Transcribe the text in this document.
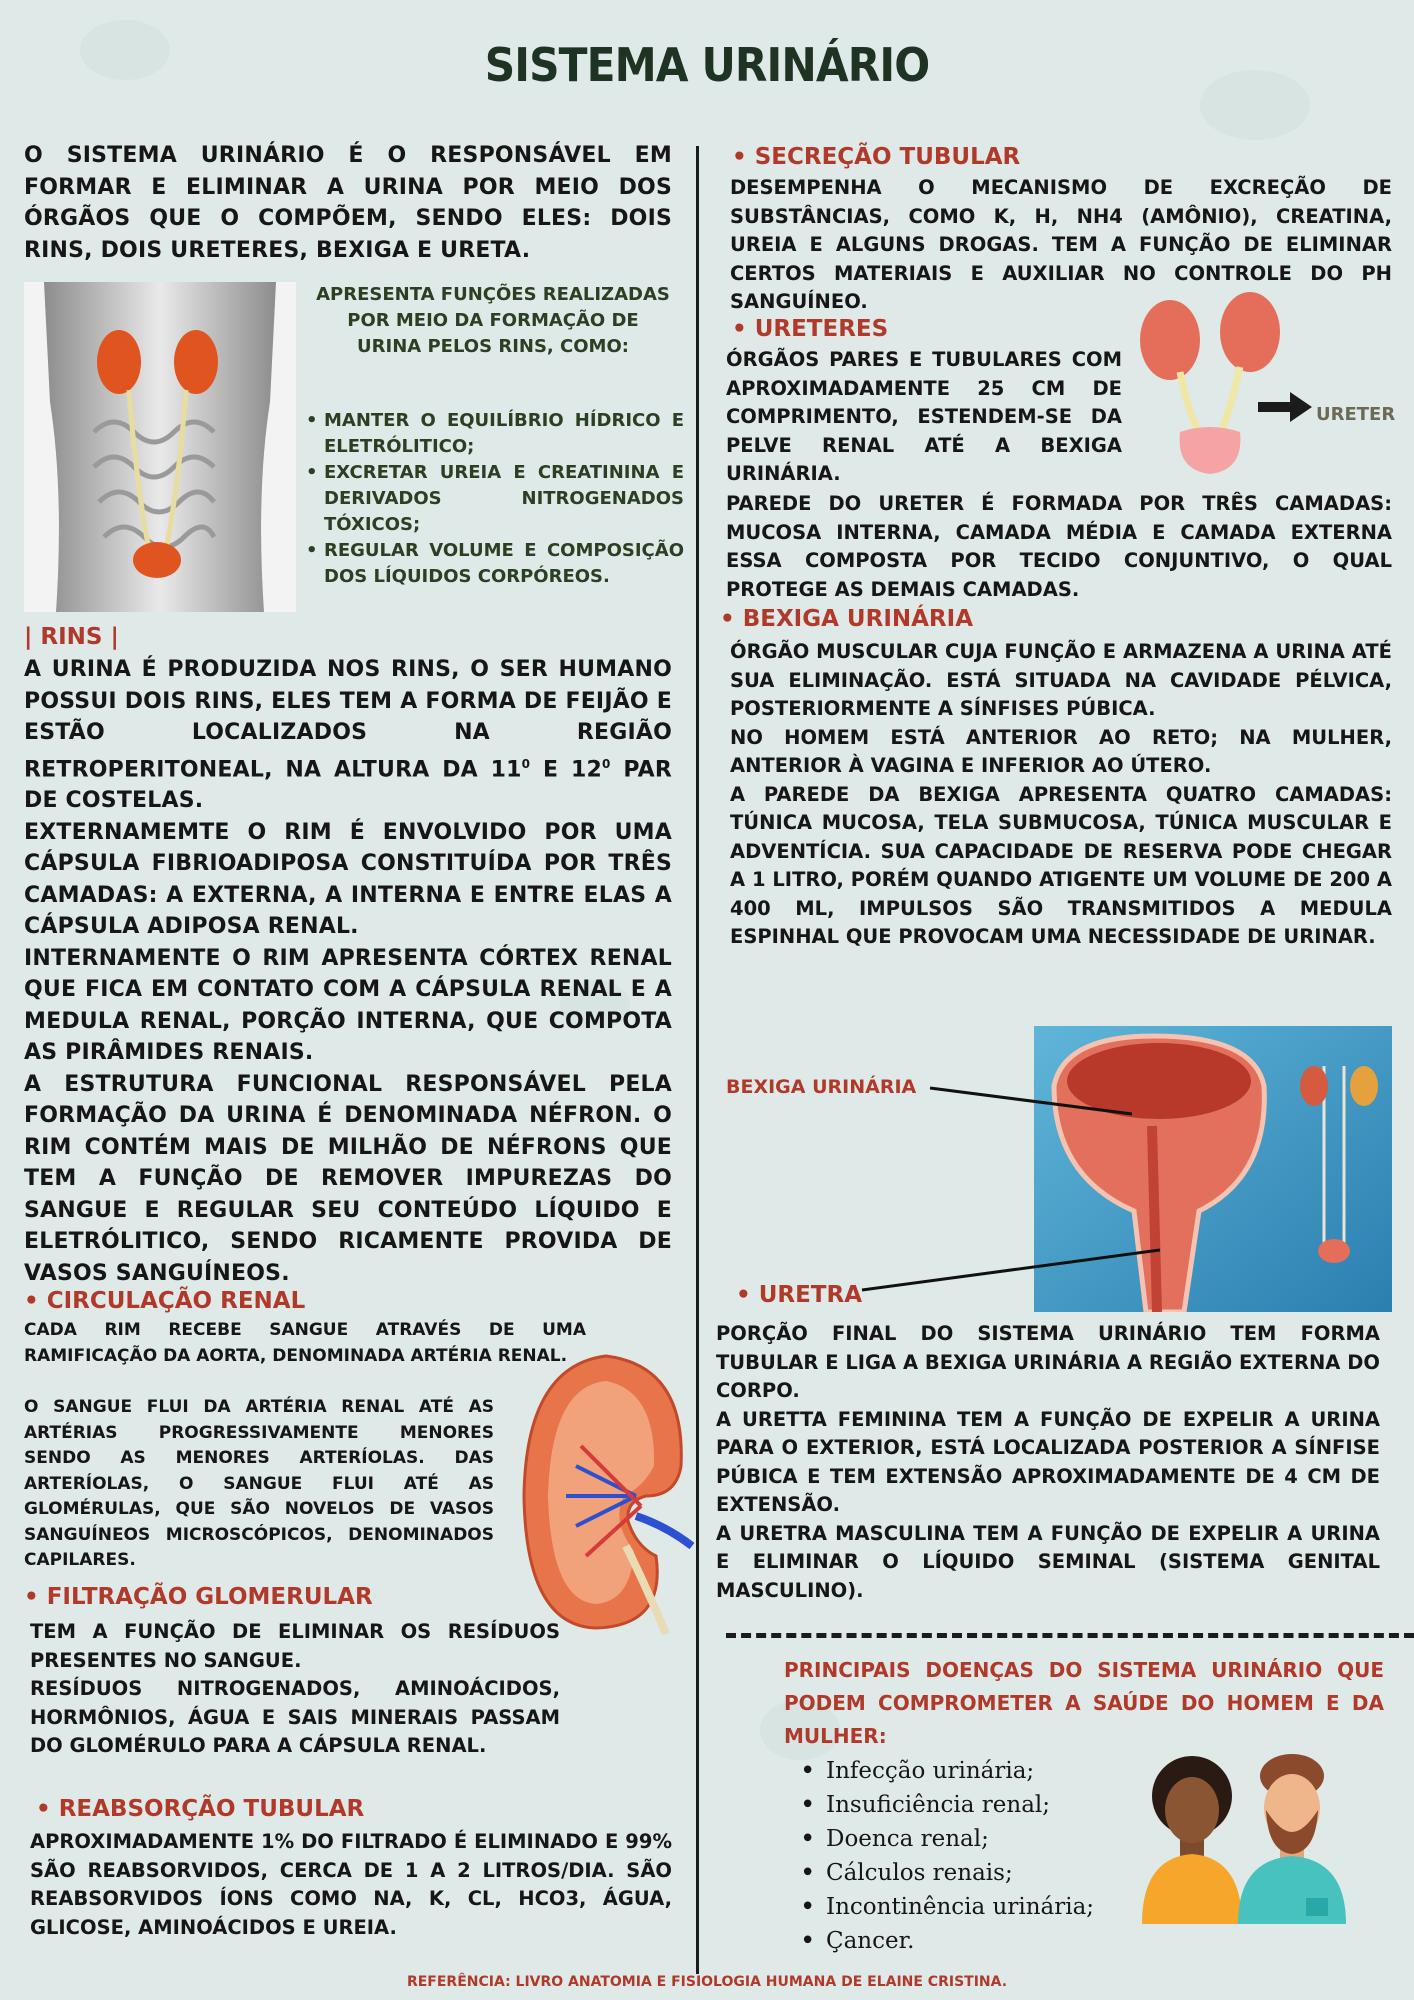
SISTEMA URINÁRIO
O SISTEMA URINÁRIO É O RESPONSÁVEL EM FORMAR E ELIMINAR A URINA POR MEIO DOS ÓRGÃOS QUE O COMPÕEM, SENDO ELES: DOIS RINS, DOIS URETERES, BEXIGA E URETA.
APRESENTA FUNÇÕES REALIZADAS POR MEIO DA FORMAÇÃO DE URINA PELOS RINS, COMO:
• MANTER O EQUILÍBRIO HÍDRICO E ELETRÓLITICO;
• EXCRETAR UREIA E CREATININA E DERIVADOS NITROGENADOS TÓXICOS;
• REGULAR VOLUME E COMPOSIÇÃO DOS LÍQUIDOS CORPÓREOS.
| RINS |
A URINA É PRODUZIDA NOS RINS, O SER HUMANO POSSUI DOIS RINS, ELES TEM A FORMA DE FEIJÃO E ESTÃO LOCALIZADOS NA REGIÃO RETROPERITONEAL, NA ALTURA DA $11^0$ E $12^0$ PAR DE COSTELAS.
EXTERNAMEMTE O RIM É ENVOLVIDO POR UMA CÁPSULA FIBRIOADIPOSA CONSTITUÍDA POR TRÊS CAMADAS: A EXTERNA, A INTERNA E ENTRE ELAS A CÁPSULA ADIPOSA RENAL.
INTERNAMENTE O RIM APRESENTA CÓRTEX RENAL QUE FICA EM CONTATO COM A CÁPSULA RENAL E A MEDULA RENAL, PORÇÃO INTERNA, QUE COMPOTA AS PIRÂMIDES RENAIS.
A ESTRUTURA FUNCIONAL RESPONSÁVEL PELA FORMAÇÃO DA URINA É DENOMINADA NÉFRON. O RIM CONTÉM MAIS DE MILHÃO DE NÉFRONS QUE TEM A FUNÇÃO DE REMOVER IMPUREZAS DO SANGUE E REGULAR SEU CONTEÚDO LÍQUIDO E ELETRÓLITICO, SENDO RICAMENTE PROVIDA DE VASOS SANGUÍNEOS.
• CIRCULAÇÃO RENAL
CADA RIM RECEBE SANGUE ATRAVÉS DE UMA RAMIFICAÇÃO DA AORTA, DENOMINADA ARTÉRIA RENAL.
O SANGUE FLUI DA ARTÉRIA RENAL ATÉ AS ARTÉRIAS PROGRESSIVAMENTE MENORES SENDO AS MENORES ARTERÍOLAS. DAS ARTERÍOLAS, O SANGUE FLUI ATÉ AS GLOMÉRULAS, QUE SÃO NOVELOS DE VASOS SANGUÍNEOS MICROSCÓPICOS, DENOMINADOS CAPILARES.
• FILTRAÇÃO GLOMERULAR
TEM A FUNÇÃO DE ELIMINAR OS RESÍDUOS PRESENTES NO SANGUE.
RESÍDUOS NITROGENADOS, AMINOÁCIDOS, HORMÔNIOS, ÁGUA E SAIS MINERAIS PASSAM DO GLOMÉRULO PARA A CÁPSULA RENAL.
• REABSORÇÃO TUBULAR
APROXIMADAMENTE 1% DO FILTRADO É ELIMINADO E 99% SÃO REABSORVIDOS, CERCA DE 1 A 2 LITROS/DIA. SÃO REABSORVIDOS ÍONS COMO NA, K, CL, HCO3, ÁGUA, GLICOSE, AMINOÁCIDOS E UREIA.
• SECREÇÃO TUBULAR
DESEMPENHA O MECANISMO DE EXCREÇÃO DE SUBSTÂNCIAS, COMO K, H, NH4 (AMÔNIO), CREATINA, UREIA E ALGUNS DROGAS. TEM A FUNÇÃO DE ELIMINAR CERTOS MATERIAIS E AUXILIAR NO CONTROLE DO PH SANGUÍNEO.
• URETERES
ÓRGÃOS PARES E TUBULARES COM APROXIMADAMENTE 25 CM DE COMPRIMENTO, ESTENDEM-SE DA PELVE RENAL ATÉ A BEXIGA URINÁRIA.
PAREDE DO URETER É FORMADA POR TRÊS CAMADAS: MUCOSA INTERNA, CAMADA MÉDIA E CAMADA EXTERNA ESSA COMPOSTA POR TECIDO CONJUNTIVO, O QUAL PROTEGE AS DEMAIS CAMADAS.
URETER
• BEXIGA URINÁRIA
ÓRGÃO MUSCULAR CUJA FUNÇÃO E ARMAZENA A URINA ATÉ SUA ELIMINAÇÃO. ESTÁ SITUADA NA CAVIDADE PÉLVICA, POSTERIORMENTE A SÍNFISES PÚBICA.
NO HOMEM ESTÁ ANTERIOR AO RETO; NA MULHER, ANTERIOR À VAGINA E INFERIOR AO ÚTERO.
A PAREDE DA BEXIGA APRESENTA QUATRO CAMADAS: TÚNICA MUCOSA, TELA SUBMUCOSA, TÚNICA MUSCULAR E ADVENTÍCIA. SUA CAPACIDADE DE RESERVA PODE CHEGAR A 1 LITRO, PORÉM QUANDO ATIGENTE UM VOLUME DE 200 A 400 ML, IMPULSOS SÃO TRANSMITIDOS A MEDULA ESPINHAL QUE PROVOCAM UMA NECESSIDADE DE URINAR.
BEXIGA URINÁRIA
• URETRA
PORÇÃO FINAL DO SISTEMA URINÁRIO TEM FORMA TUBULAR E LIGA A BEXIGA URINÁRIA A REGIÃO EXTERNA DO CORPO.
A URETTA FEMININA TEM A FUNÇÃO DE EXPELIR A URINA PARA O EXTERIOR, ESTÁ LOCALIZADA POSTERIOR A SÍNFISE PÚBICA E TEM EXTENSÃO APROXIMADAMENTE DE 4 CM DE EXTENSÃO.
A URETRA MASCULINA TEM A FUNÇÃO DE EXPELIR A URINA E ELIMINAR O LÍQUIDO SEMINAL (SISTEMA GENITAL MASCULINO).
PRINCIPAIS DOENÇAS DO SISTEMA URINÁRIO QUE PODEM COMPROMETER A SAÚDE DO HOMEM E DA MULHER:
• Infecção urinária;
• Insuficiência renal;
• Doenca renal;
• Cálculos renais;
• Incontinência urinária;
• Çancer.
REFERÊNCIA: LIVRO ANATOMIA E FISIOLOGIA HUMANA DE ELAINE CRISTINA.
